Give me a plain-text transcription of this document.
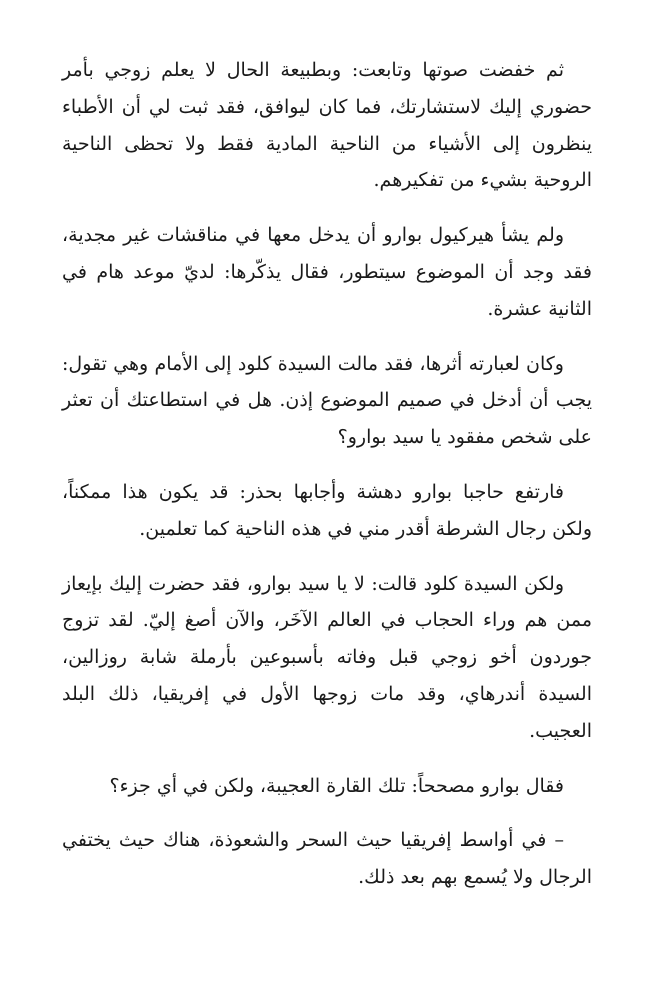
ثم خفضت صوتها وتابعت: وبطبيعة الحال لا يعلم زوجي بأمر حضوري إليك لاستشارتك، فما كان ليوافق، فقد ثبت لي أن الأطباء ينظرون إلى الأشياء من الناحية المادية فقط ولا تحظى الناحية الروحية بشيء من تفكيرهم.

ولم يشأ هيركيول بوارو أن يدخل معها في مناقشات غير مجدية، فقد وجد أن الموضوع سيتطور، فقال يذكّرها: لديّ موعد هام في الثانية عشرة.

وكان لعبارته أثرها، فقد مالت السيدة كلود إلى الأمام وهي تقول: يجب أن أدخل في صميم الموضوع إذن. هل في استطاعتك أن تعثر على شخص مفقود يا سيد بوارو؟

فارتفع حاجبا بوارو دهشة وأجابها بحذر: قد يكون هذا ممكناً، ولكن رجال الشرطة أقدر مني في هذه الناحية كما تعلمين.

ولكن السيدة كلود قالت: لا يا سيد بوارو، فقد حضرت إليك بإيعاز ممن هم وراء الحجاب في العالم الآخَر، والآن أصغ إليّ. لقد تزوج جوردون أخو زوجي قبل وفاته بأسبوعين بأرملة شابة روزالين، السيدة أندرهاي، وقد مات زوجها الأول في إفريقيا، ذلك البلد العجيب.

فقال بوارو مصححاً: تلك القارة العجيبة، ولكن في أي جزء؟

– في أواسط إفريقيا حيث السحر والشعوذة، هناك حيث يختفي الرجال ولا يُسمع بهم بعد ذلك.
